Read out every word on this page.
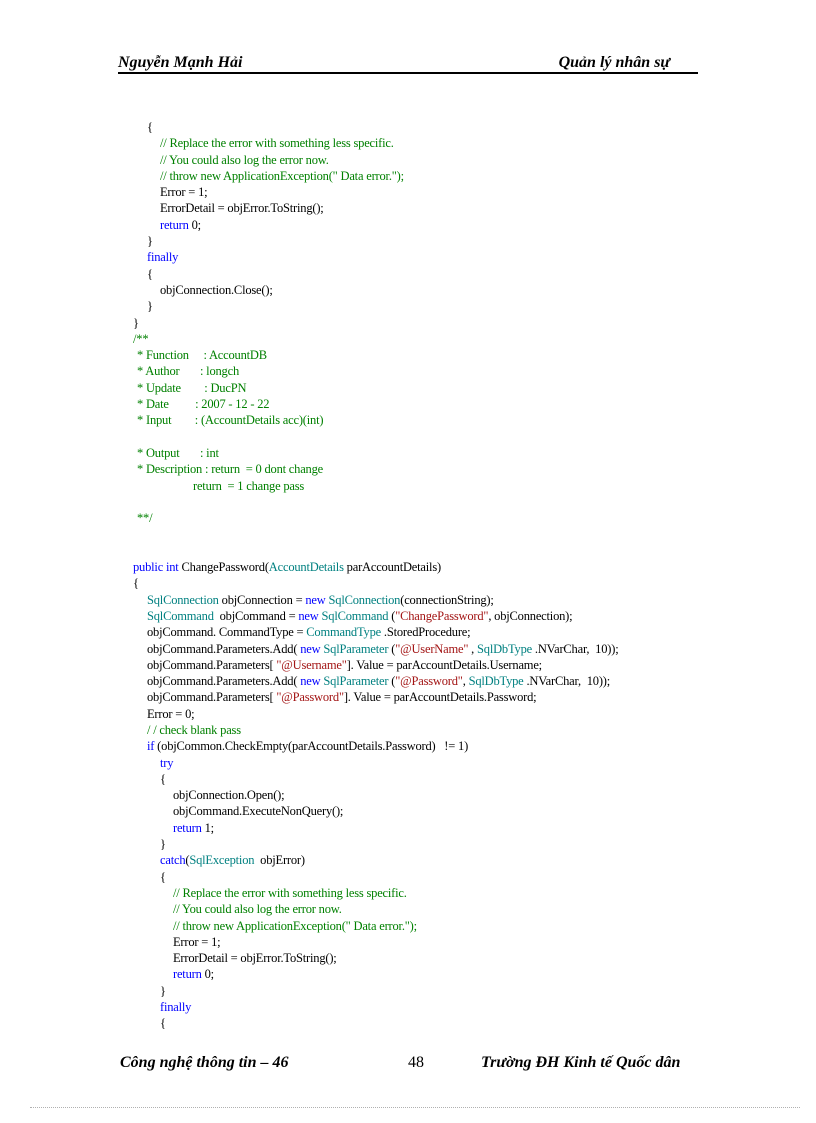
Nguyễn Mạnh Hải	Quản lý nhân sự
{
// Replace the error with something less specific.
// You could also log the error now.
// throw new ApplicationException(" Data error.");
Error = 1;
ErrorDetail = objError.ToString();
return 0;
}
finally
{
objConnection.Close();
}
}
/**
* Function     : AccountDB
* Author       : longch
* Update        : DucPN
* Date         : 2007 - 12 - 22
* Input        : (AccountDetails acc)(int)
* Output       : int
* Description : return  = 0 dont change
return  = 1 change pass
**/
public int ChangePassword(AccountDetails parAccountDetails)
{
SqlConnection objConnection = new SqlConnection(connectionString);
SqlCommand  objCommand = new SqlCommand ("ChangePassword", objConnection);
objCommand. CommandType = CommandType .StoredProcedure;
objCommand.Parameters.Add( new SqlParameter ("@UserName" , SqlDbType .NVarChar,  10));
objCommand.Parameters[ "@Username"]. Value = parAccountDetails.Username;
objCommand.Parameters.Add( new SqlParameter ("@Password", SqlDbType .NVarChar,  10));
objCommand.Parameters[ "@Password"]. Value = parAccountDetails.Password;
Error = 0;
/ / check blank pass
if (objCommon.CheckEmpty(parAccountDetails.Password)   != 1)
try
{
objConnection.Open();
objCommand.ExecuteNonQuery();
return 1;
}
catch(SqlException  objError)
{
// Replace the error with something less specific.
// You could also log the error now.
// throw new ApplicationException(" Data error.");
Error = 1;
ErrorDetail = objError.ToString();
return 0;
}
finally
{
Công nghệ thông tin – 46	48	Trường ĐH Kinh tế Quốc dân
